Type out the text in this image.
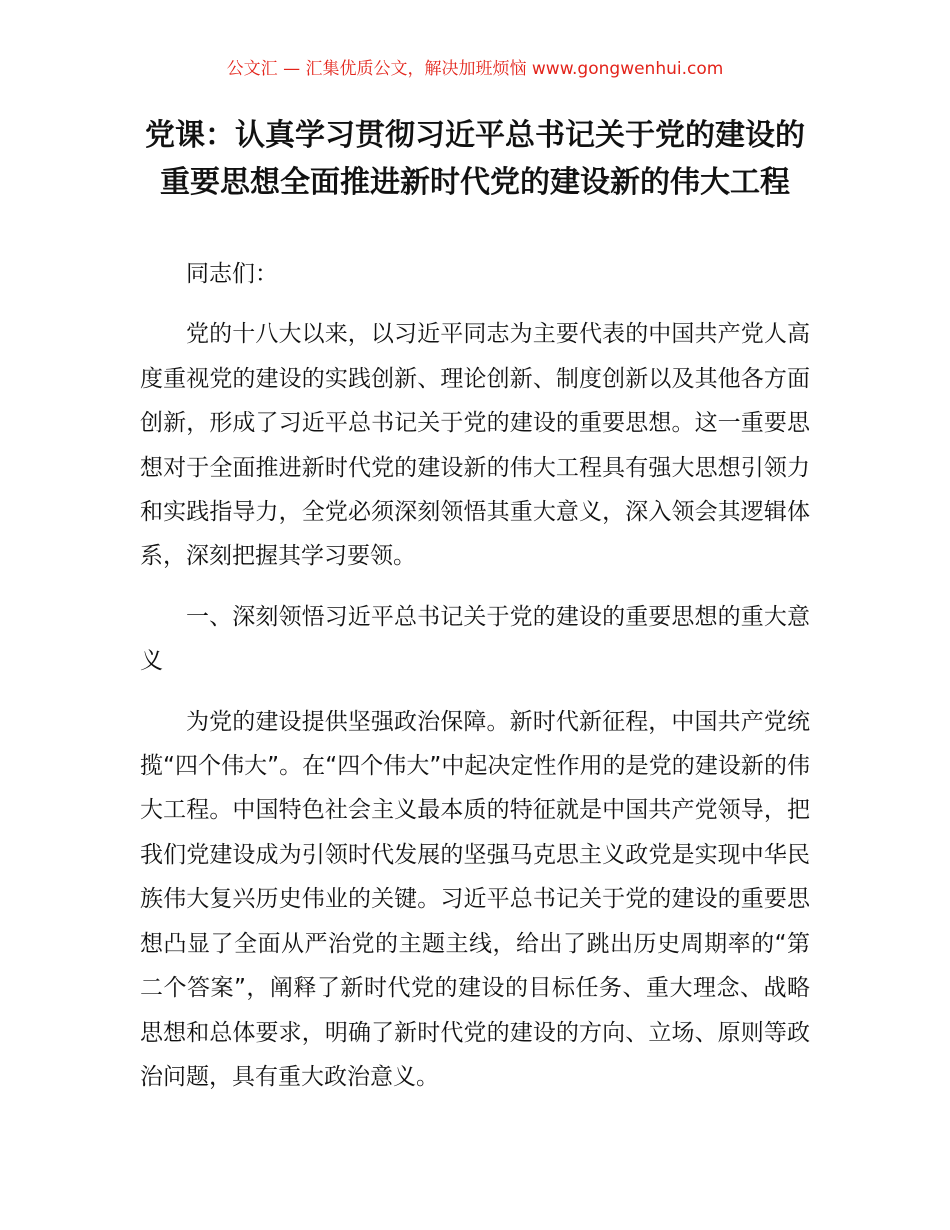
公文汇 — 汇集优质公文，解决加班烦恼 www.gongwenhui.com
党课：认真学习贯彻习近平总书记关于党的建设的重要思想全面推进新时代党的建设新的伟大工程

同志们：

党的十八大以来，以习近平同志为主要代表的中国共产党人高度重视党的建设的实践创新、理论创新、制度创新以及其他各方面创新，形成了习近平总书记关于党的建设的重要思想。这一重要思想对于全面推进新时代党的建设新的伟大工程具有强大思想引领力和实践指导力，全党必须深刻领悟其重大意义，深入领会其逻辑体系，深刻把握其学习要领。

一、深刻领悟习近平总书记关于党的建设的重要思想的重大意义

为党的建设提供坚强政治保障。新时代新征程，中国共产党统揽“四个伟大”。在“四个伟大”中起决定性作用的是党的建设新的伟大工程。中国特色社会主义最本质的特征就是中国共产党领导，把我们党建设成为引领时代发展的坚强马克思主义政党是实现中华民族伟大复兴历史伟业的关键。习近平总书记关于党的建设的重要思想凸显了全面从严治党的主题主线，给出了跳出历史周期率的“第二个答案”，阐释了新时代党的建设的目标任务、重大理念、战略思想和总体要求，明确了新时代党的建设的方向、立场、原则等政治问题，具有重大政治意义。
